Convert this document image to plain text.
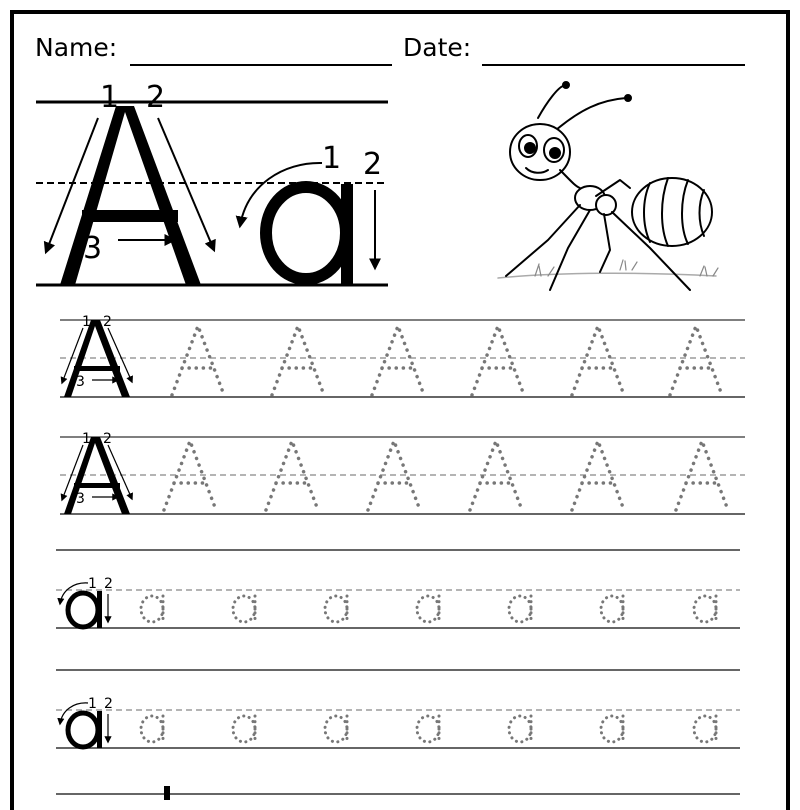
Name:	Date:
1 2
3
1 2
1 2
3
1 2
3
1 2
1 2
